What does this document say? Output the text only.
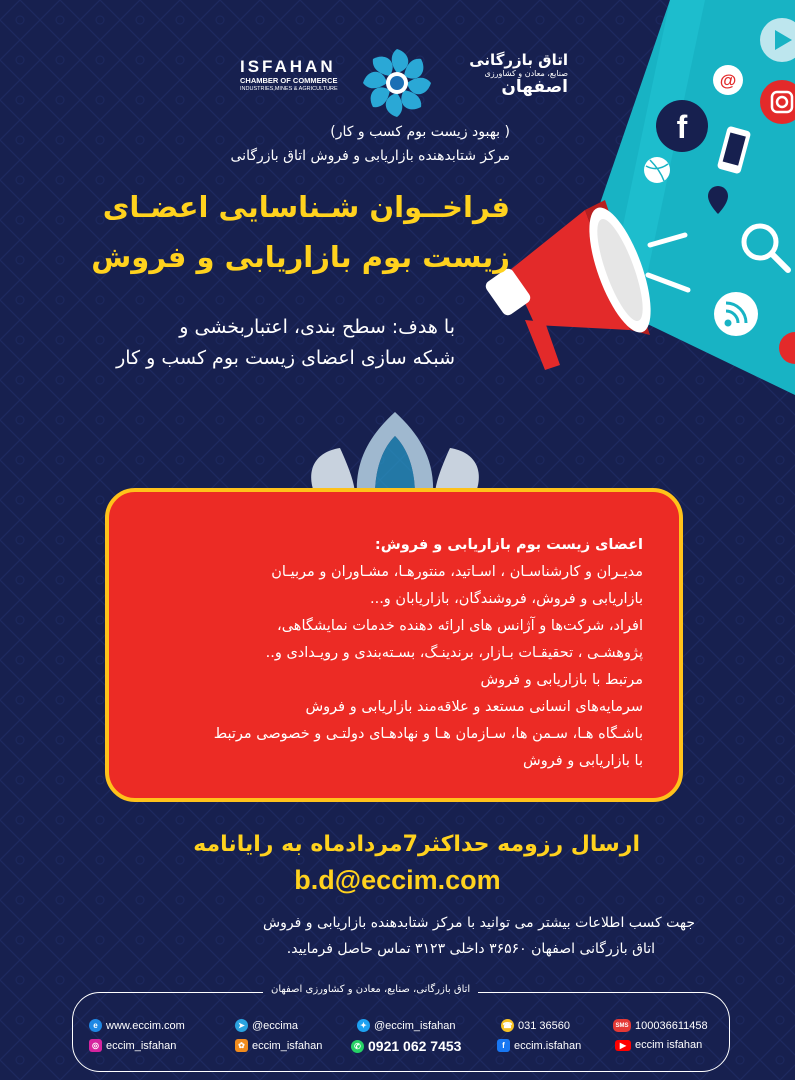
@
f
ISFAHAN
CHAMBER OF COMMERCE
INDUSTRIES,MINES & AGRICULTURE
اتاق بازرگانی
صنایع، معادن و کشاورزی
اصفهان
( بهبود زیست بوم کسب و کار)
مرکز شتابدهنده بازاریابی و فروش اتاق بازرگانی
فراخــوان شـناسایی اعضـای
زیست بوم بازاریابی و فروش
با هدف: سطح بندی، اعتباربخشی و
شبکه سازی اعضای زیست بوم کسب و کار
اعضای زیست بوم بازاریابی و فروش:
مدیـران و کارشناسـان ، اسـاتید، منتورهـا، مشـاوران و مربیـان
بازاریابی و فروش، فروشندگان، بازاریابان و...
افراد، شرکت‌ها و آژانس های ارائه دهنده خدمات نمایشگاهی،
پژوهشـی ، تحقیقـات بـازار، برندینـگ، بسـته‌بندی و رویـدادی و..
مرتبط با بازاریابی و فروش
سرمایه‌های انسانی مستعد و علاقه‌مند بازاریابی و فروش
باشـگاه هـا، سـمن ها، سـازمان هـا و نهادهـای دولتـی و خصوصی مرتبط
با بازاریابی و فروش
ارسال رزومه حداکثر7مردادماه به رایانامه
b.d@eccim.com
جهت کسب اطلاعات بیشتر می توانید با مرکز شتابدهنده بازاریابی و فروش
اتاق بازرگانی اصفهان ۳۶۵۶۰ داخلی ۳۱۲۳ تماس حاصل فرمایید.
اتاق بازرگانی، صنایع، معادن و کشاورزی اصفهان
e www.eccim.com
◎ eccim_isfahan
➤ @eccima
✿ eccim_isfahan
✦ @eccim_isfahan
✆ 0921 062 7453
☎ 031 36560
f eccim.isfahan
SMS 100036611458
▶ eccim isfahan
